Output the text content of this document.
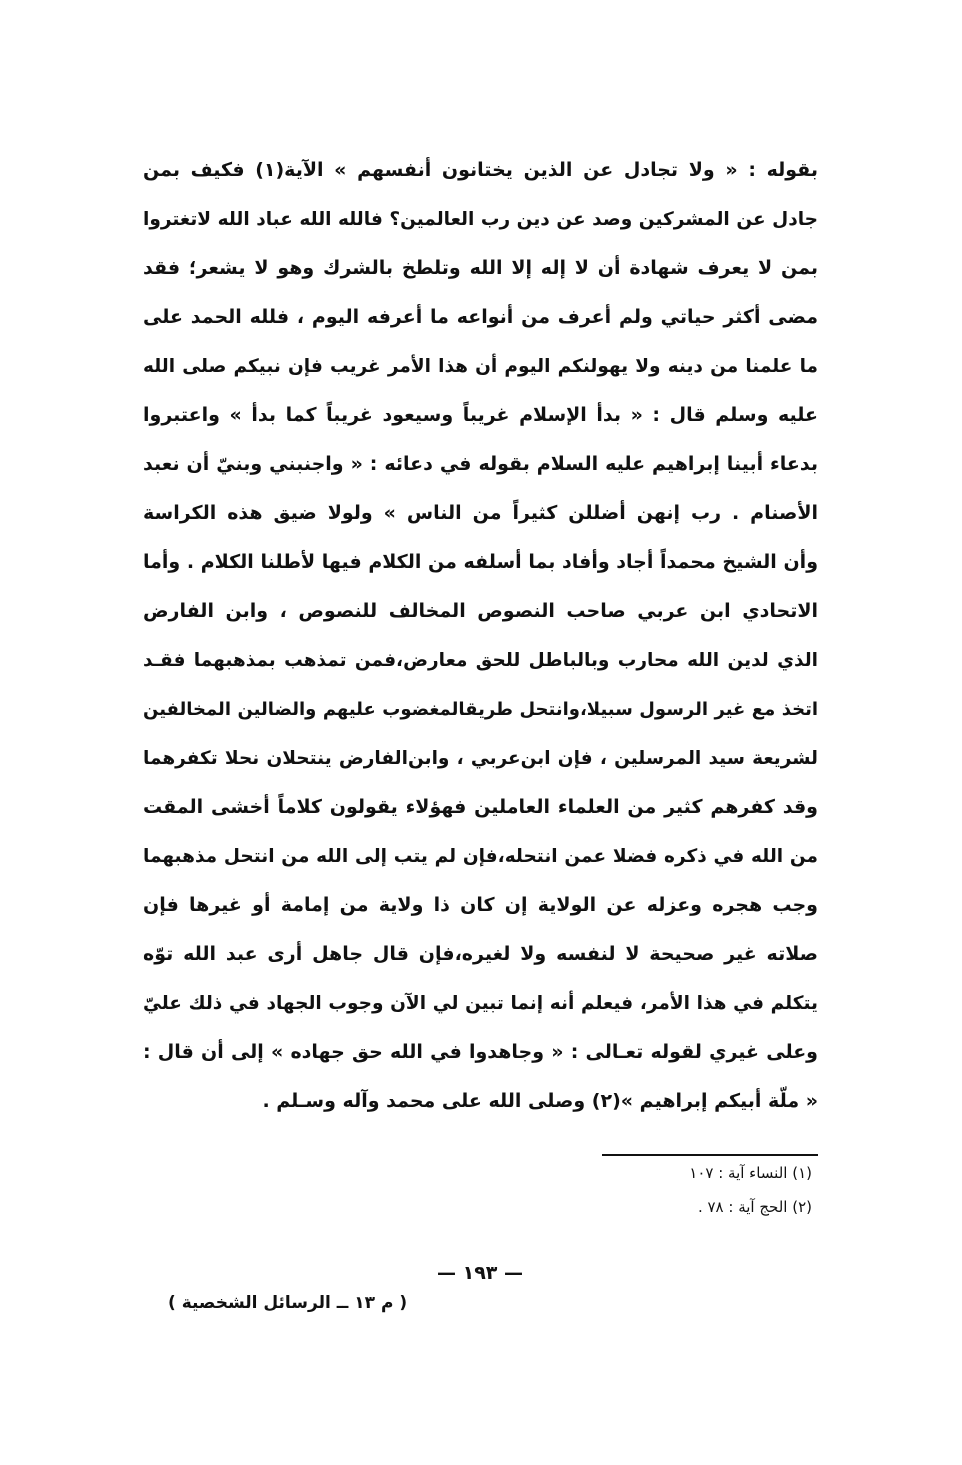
بقوله : « ولا تجادل عن الذين يختانون أنفسهم » الآية(١) فكيف بمن
جادل عن المشركين وصد عن دين رب العالمين؟ فالله الله عباد الله لاتغتروا
بمن لا يعرف شهادة أن لا إله إلا الله وتلطخ بالشرك وهو لا يشعر؛ فقد
مضى أكثر حياتي ولم أعرف من أنواعه ما أعرفه اليوم ، فلله الحمد على
ما علمنا من دينه ولا يهولنكم اليوم أن هذا الأمر غريب فإن نبيكم صلى الله
عليه وسلم قال : « بدأ الإسلام غريباً وسيعود غريباً كما بدأ » واعتبروا
بدعاء أبينا إبراهيم عليه السلام بقوله في دعائه : « واجنبني وبنيّ أن نعبد
الأصنام . رب إنهن أضللن كثيراً من الناس » ولولا ضيق هذه الكراسة
وأن الشيخ محمداً أجاد وأفاد بما أسلفه من الكلام فيها لأطلنا الكلام . وأما
الاتحادي ابن عربي صاحب النصوص المخالف للنصوص ، وابن الفارض
الذي لدين الله محارب وبالباطل للحق معارض،فمن تمذهب بمذهبهما فقـد
اتخذ مع غير الرسول سبيلا،وانتحل طريقالمغضوب عليهم والضالين المخالفين
لشريعة سيد المرسلين ، فإن ابن‌عربي ، وابن‌الفارض ينتحلان نحلا تكفرهما
وقد كفرهم كثير من العلماء العاملين فهؤلاء يقولون كلاماً أخشى المقت
من الله في ذكره فضلا عمن انتحله،فإن لم يتب إلى الله من انتحل مذهبهما
وجب هجره وعزله عن الولاية إن كان ذا ولاية من إمامة أو غيرها فإن
صلاته غير صحيحة لا لنفسه ولا لغيره،فإن قال جاهل أرى عبد الله توّه
يتكلم في هذا الأمر، فيعلم أنه إنما تبين لي الآن وجوب الجهاد في ذلك عليّ
وعلى غيري لقوله تعـالى : « وجاهدوا في الله حق جهاده » إلى أن قال :
« ملّة أبيكم إبراهيم »(٢) وصلى الله على محمد وآله وسـلم .
(١) النساء آية : ١٠٧
(٢) الحج آية : ٧٨ .
— ١٩٣ —
( م ١٣ ــ الرسائل الشخصية )
